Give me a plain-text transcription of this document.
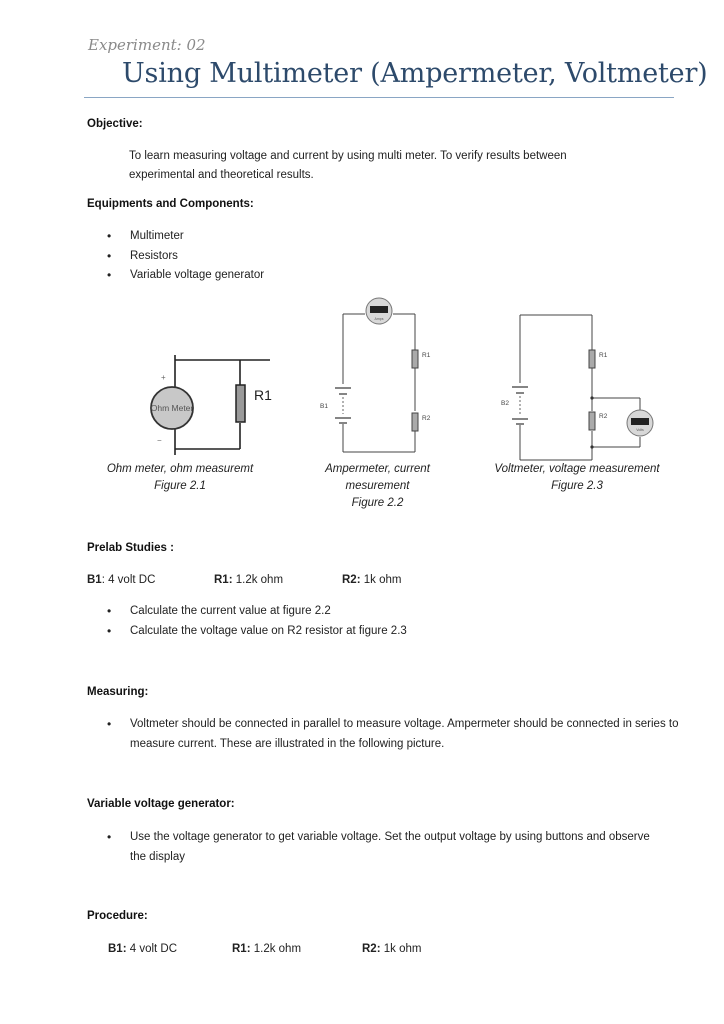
Experiment: 02
Using Multimeter (Ampermeter, Voltmeter)
Objective:
To learn measuring voltage and current by using multi meter. To verify results between experimental and theoretical results.
Equipments and Components:
• Multimeter
• Resistors
• Variable voltage generator
Ohm Meter
+
−
R1
B1
Amps
R1
R2
B2
R1
R2
Volts
Ohm meter, ohm measuremt
Figure 2.1
Ampermeter, current
mesurement
Figure 2.2
Voltmeter, voltage measurement
Figure 2.3
Prelab Studies :
B1: 4 volt DC	R1: 1.2k ohm	R2: 1k ohm
• Calculate the current value at figure 2.2
• Calculate the voltage value on R2 resistor at figure 2.3
Measuring:
• Voltmeter should be connected in parallel to measure voltage. Ampermeter should be connected in series to measure current. These are illustrated in the following picture.
Variable voltage generator:
• Use the voltage generator to get variable voltage. Set the output voltage by using buttons and observe the display
Procedure:
B1: 4 volt DC	R1: 1.2k ohm	R2: 1k ohm
